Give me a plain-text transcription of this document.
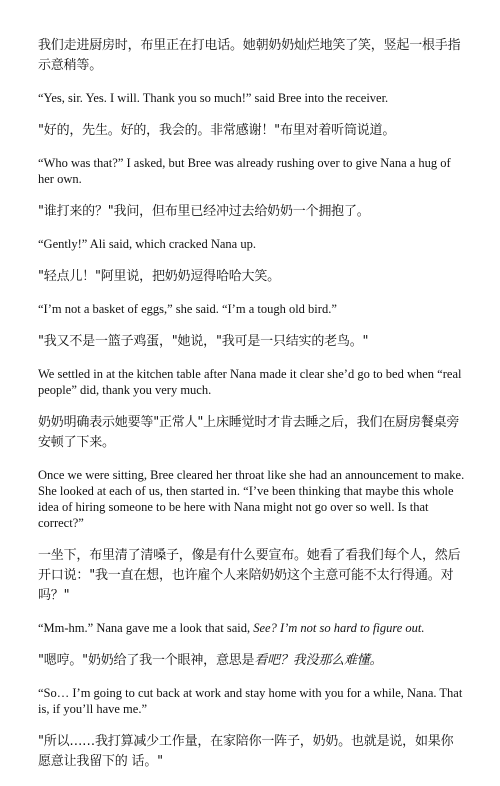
我们走进厨房时，布里正在打电话。她朝奶奶灿烂地笑了笑，竖起一根手指示意稍等。

“Yes, sir. Yes. I will. Thank you so much!” said Bree into the receiver.

"好的，先生。好的，我会的。非常感谢！"布里对着听筒说道。

“Who was that?” I asked, but Bree was already rushing over to give Nana a hug of her own.

"谁打来的？"我问，但布里已经冲过去给奶奶一个拥抱了。

“Gently!” Ali said, which cracked Nana up.

"轻点儿！"阿里说，把奶奶逗得哈哈大笑。

“I’m not a basket of eggs,” she said. “I’m a tough old bird.”

"我又不是一篮子鸡蛋，"她说，"我可是一只结实的老鸟。"

We settled in at the kitchen table after Nana made it clear she’d go to bed when “real people” did, thank you very much.

奶奶明确表示她要等"正常人"上床睡觉时才肯去睡之后，我们在厨房餐桌旁安顿了下来。

Once we were sitting, Bree cleared her throat like she had an announcement to make. She looked at each of us, then started in. “I’ve been thinking that maybe this whole idea of hiring someone to be here with Nana might not go over so well. Is that correct?”

一坐下，布里清了清嗓子，像是有什么要宣布。她看了看我们每个人，然后开口说："我一直在想，也许雇个人来陪奶奶这个主意可能不太行得通。对吗？"

“Mm-hm.” Nana gave me a look that said, See? I’m not so hard to figure out.

"嗯哼。"奶奶给了我一个眼神，意思是看吧？我没那么难懂。

“So… I’m going to cut back at work and stay home with you for a while, Nana. That is, if you’ll have me.”

"所以……我打算减少工作量，在家陪你一阵子，奶奶。也就是说，如果你愿意让我留下的 话。"
